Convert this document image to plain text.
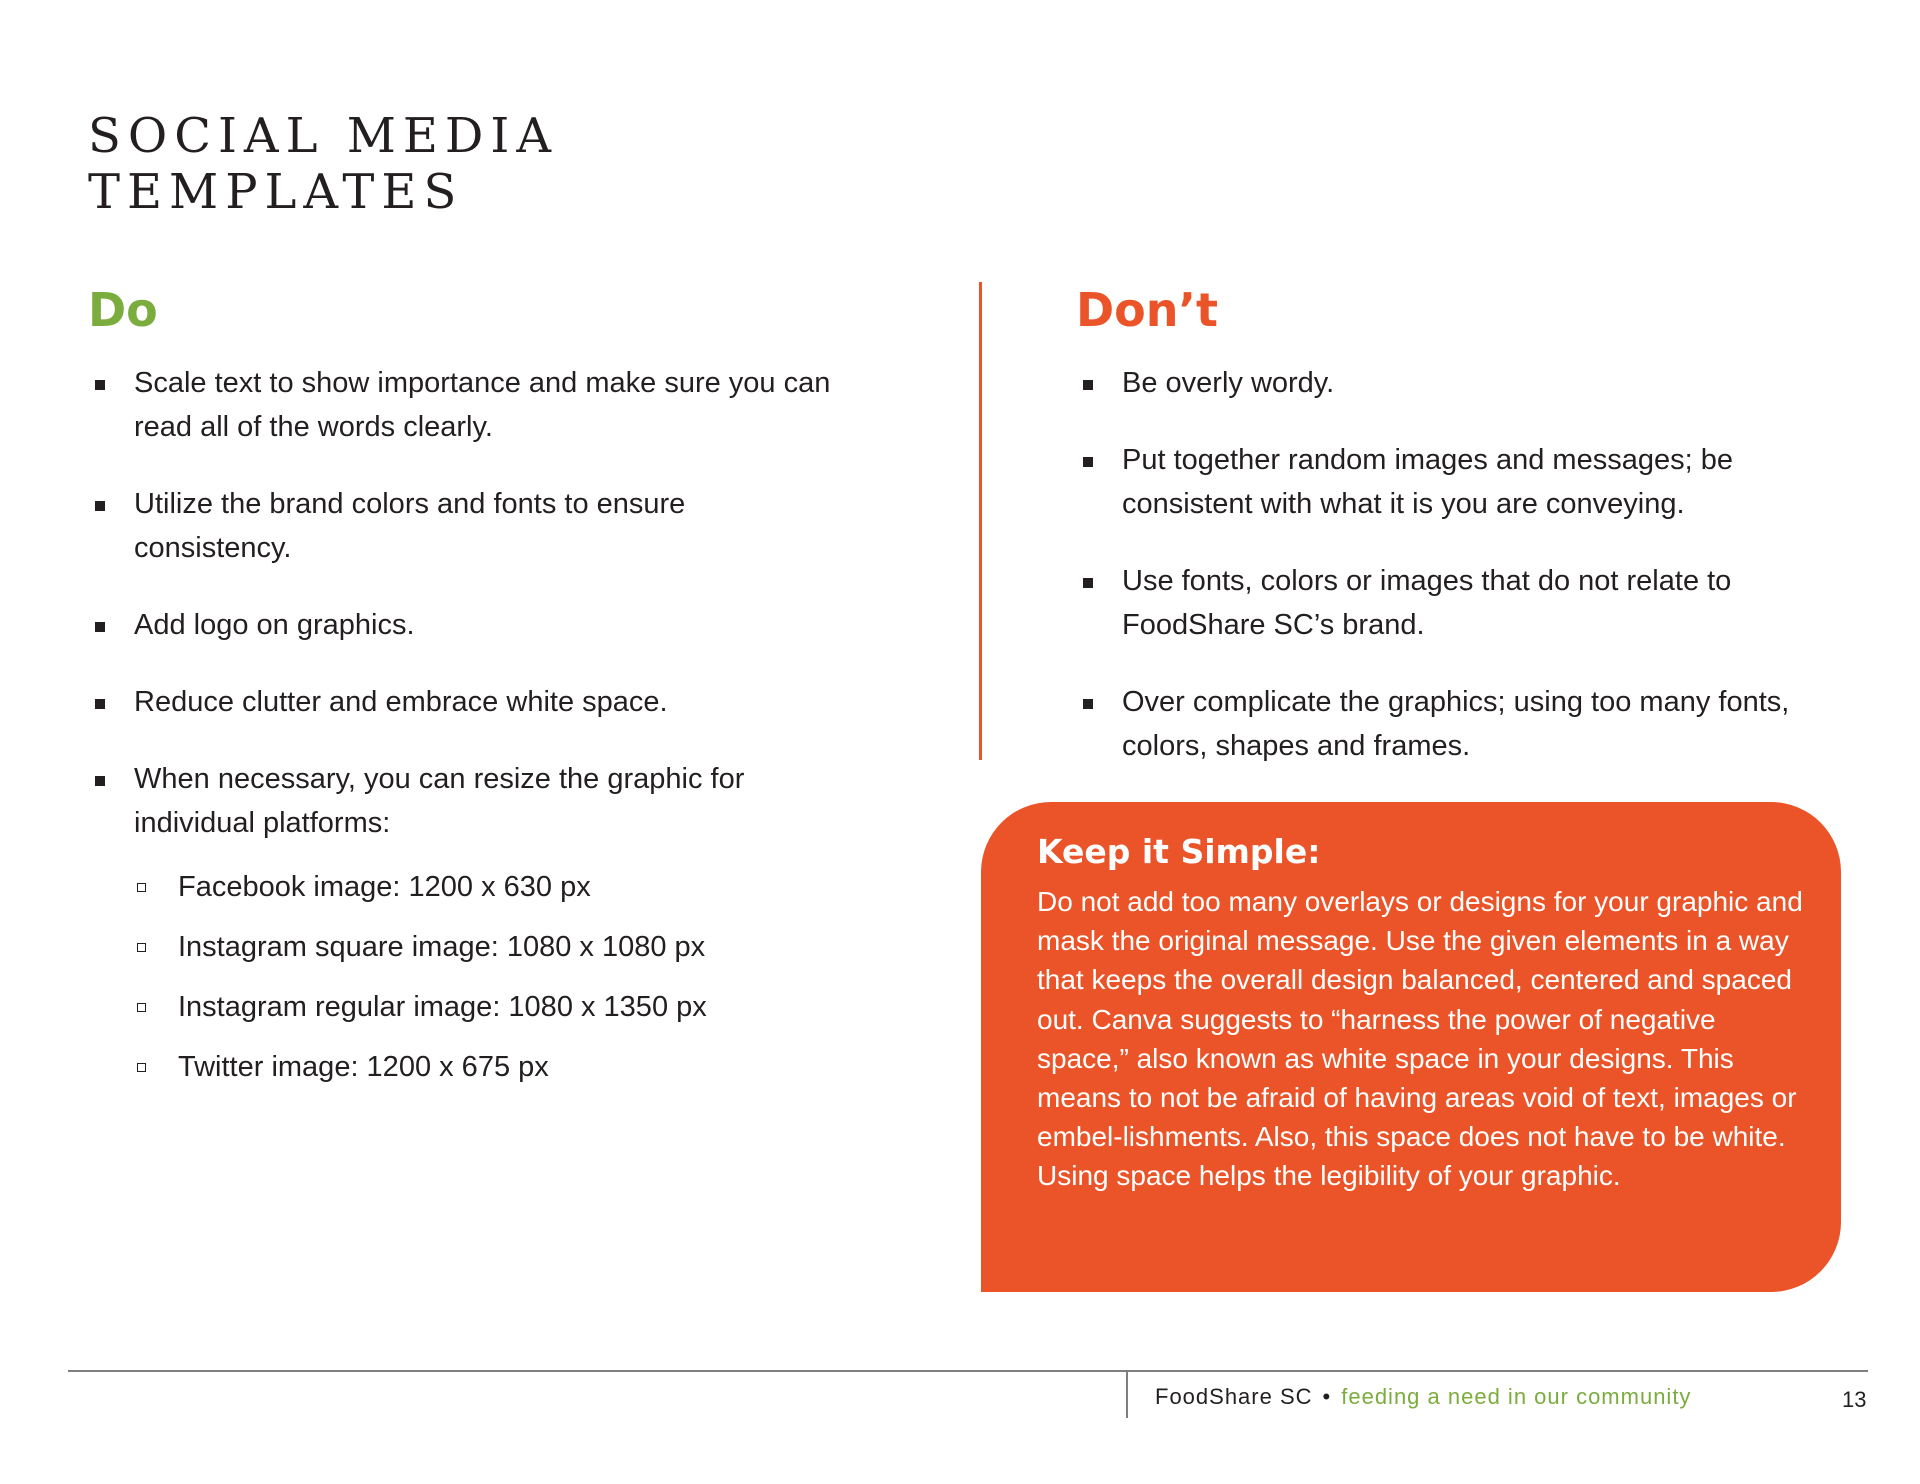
SOCIAL MEDIA
TEMPLATES
Do
Scale text to show importance and make sure you can read all of the words clearly.
Utilize the brand colors and fonts to ensure consistency.
Add logo on graphics.
Reduce clutter and embrace white space.
When necessary, you can resize the graphic for individual platforms:
Facebook image: 1200 x 630 px
Instagram square image: 1080 x 1080 px
Instagram regular image: 1080 x 1350 px
Twitter image: 1200 x 675 px
Don’t
Be overly wordy.
Put together random images and messages; be consistent with what it is you are conveying.
Use fonts, colors or images that do not relate to FoodShare SC’s brand.
Over complicate the graphics; using too many fonts, colors, shapes and frames.
Keep it Simple:

Do not add too many overlays or designs for your graphic and mask the original message. Use the given elements in a way that keeps the overall design balanced, centered and spaced out. Canva suggests to “harness the power of negative space,” also known as white space in your designs. This means to not be afraid of having areas void of text, images or embel-lishments. Also, this space does not have to be white. Using space helps the legibility of your graphic.

FoodShare SC • feeding a need in our community	13
